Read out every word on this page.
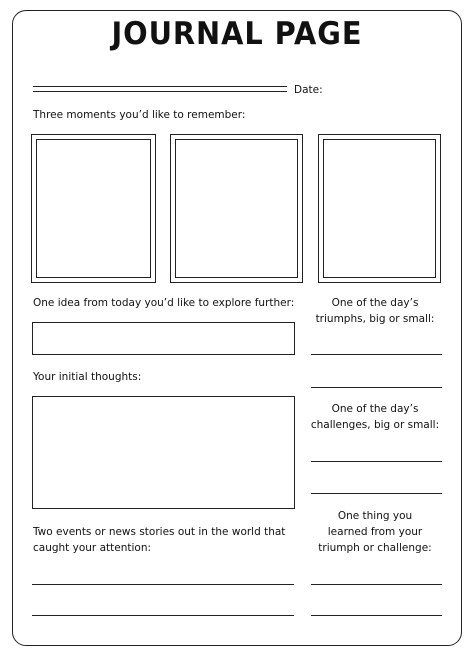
JOURNAL PAGE
Date:
Three moments you’d like to remember:
One idea from today you’d like to explore further:
Your initial thoughts:
Two events or news stories out in the world that
caught your attention:
One of the day’s
triumphs, big or small:
One of the day’s
challenges, big or small:
One thing you
learned from your
triumph or challenge:
